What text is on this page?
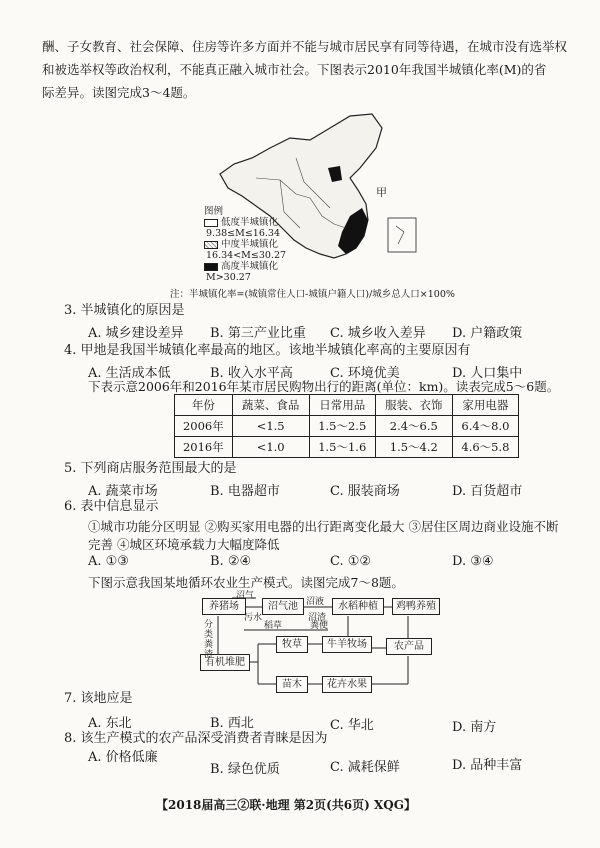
酬、子女教育、社会保障、住房等许多方面并不能与城市居民享有同等待遇，在城市没有选举权
和被选举权等政治权利，不能真正融入城市社会。下图表示2010年我国半城镇化率(M)的省
际差异。读图完成3～4题。
甲
图例
低度半城镇化
9.38≤M≤16.34
中度半城镇化
16.34<M≤30.27
高度半城镇化
M>30.27
注：半城镇化率=(城镇常住人口-城镇户籍人口)/城乡总人口×100%
3. 半城镇化的原因是
A. 城乡建设差异 B. 第三产业比重 C. 城乡收入差异 D. 户籍政策
4. 甲地是我国半城镇化率最高的地区。该地半城镇化率高的主要原因有
A. 生活成本低	B. 收入水平高	C. 环境优美	D. 人口集中
下表示意2006年和2016年某市居民购物出行的距离(单位：km)。读表完成5～6题。
年份	蔬菜、食品	日常用品	服装、衣饰	家用电器
2006年	<1.5	1.5～2.5	2.4～6.5	6.4～8.0
2016年	<1.0	1.5～1.6	1.5～4.2	4.6～5.8
5. 下列商店服务范围最大的是
A. 蔬菜市场	B. 电器超市	C. 服装商场	D. 百货超市
6. 表中信息显示
①城市功能分区明显 ②购买家用电器的出行距离变化最大 ③居住区周边商业设施不断
完善 ④城区环境承载力大幅度降低
A. ①③	B. ②④	C. ①②	D. ③④
下图示意我国某地循环农业生产模式。读图完成7～8题。
养猪场	沼气池	水稻种植	鸡鸭养殖
有机堆肥
牧草	牛羊牧场	农产品
苗木	花卉水果
沼气
污水
稻草
沼渣
沼液
分类粪渣
粪便
7. 该地应是
A. 东北	B. 西北	C. 华北	D. 南方
8. 该生产模式的农产品深受消费者青睐是因为
A. 价格低廉
B. 绿色优质	C. 减耗保鲜	D. 品种丰富
【2018届高三②联·地理 第2页(共6页) XQG】
